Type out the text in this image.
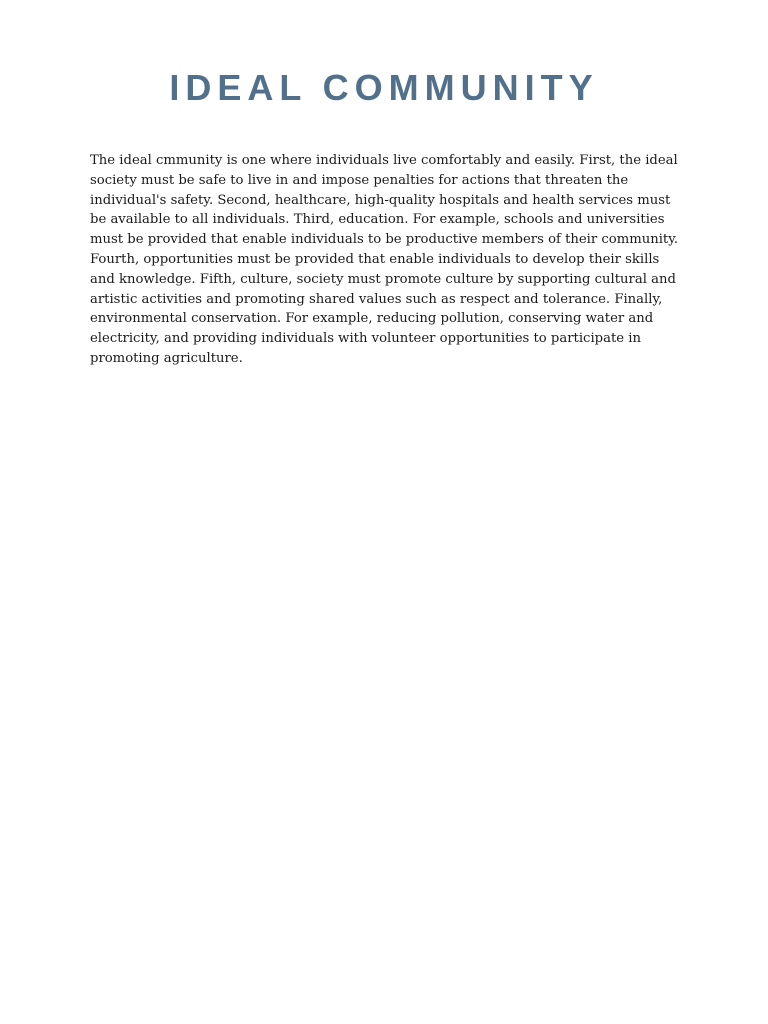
IDEAL COMMUNITY

The ideal cmmunity is one where individuals live comfortably and easily. First, the ideal society must be safe to live in and impose penalties for actions that threaten the individual's safety. Second, healthcare, high-quality hospitals and health services must be available to all individuals. Third, education. For example, schools and universities must be provided that enable individuals to be productive members of their community. Fourth, opportunities must be provided that enable individuals to develop their skills and knowledge. Fifth, culture, society must promote culture by supporting cultural and artistic activities and promoting shared values such as respect and tolerance. Finally, environmental conservation. For example, reducing pollution, conserving water and electricity, and providing individuals with volunteer opportunities to participate in promoting agriculture.
